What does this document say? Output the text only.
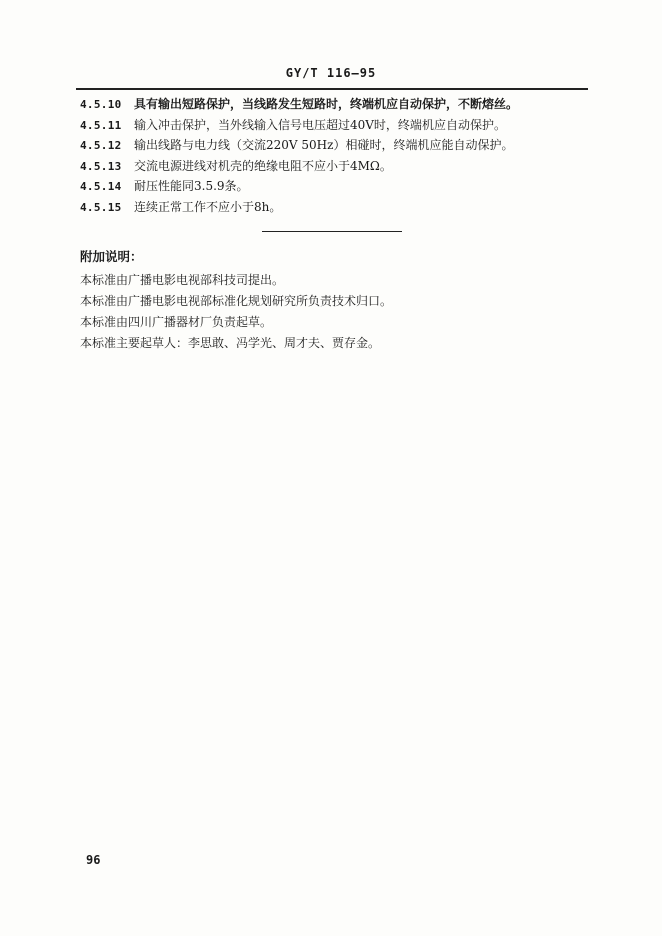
GY/T 116—95
4.5.10	具有输出短路保护，当线路发生短路时，终端机应自动保护，不断熔丝。
4.5.11	输入冲击保护，当外线输入信号电压超过40V时，终端机应自动保护。
4.5.12	输出线路与电力线（交流220V 50Hz）相碰时，终端机应能自动保护。
4.5.13	交流电源进线对机壳的绝缘电阻不应小于4MΩ。
4.5.14	耐压性能同3.5.9条。
4.5.15	连续正常工作不应小于8h。
附加说明：
本标准由广播电影电视部科技司提出。
本标准由广播电影电视部标准化规划研究所负责技术归口。
本标准由四川广播器材厂负责起草。
本标准主要起草人：李思敢、冯学光、周才夫、贾存金。
96
